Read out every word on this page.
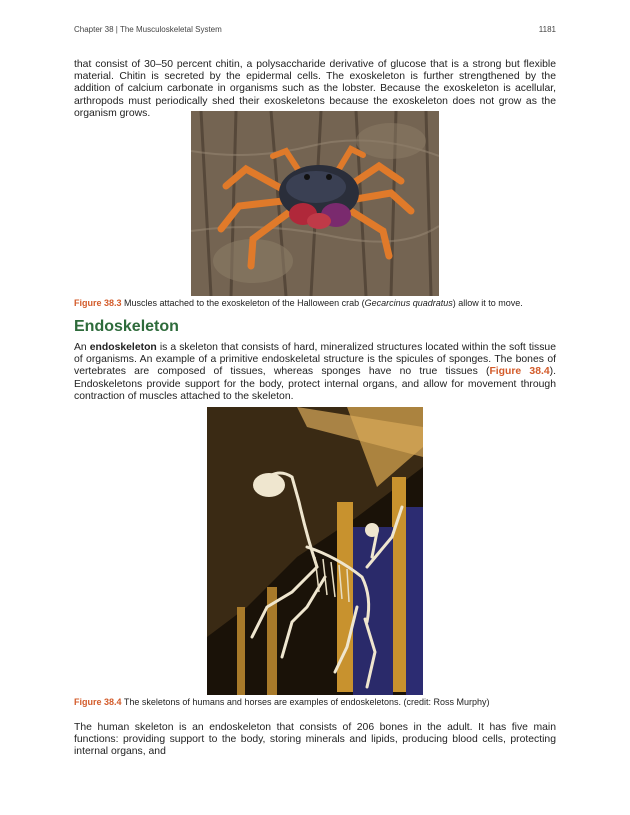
Chapter 38 | The Musculoskeletal System	1181
that consist of 30–50 percent chitin, a polysaccharide derivative of glucose that is a strong but flexible material. Chitin is secreted by the epidermal cells. The exoskeleton is further strengthened by the addition of calcium carbonate in organisms such as the lobster. Because the exoskeleton is acellular, arthropods must periodically shed their exoskeletons because the exoskeleton does not grow as the organism grows.
Figure 38.3 Muscles attached to the exoskeleton of the Halloween crab (Gecarcinus quadratus) allow it to move.
Endoskeleton
An endoskeleton is a skeleton that consists of hard, mineralized structures located within the soft tissue of organisms. An example of a primitive endoskeletal structure is the spicules of sponges. The bones of vertebrates are composed of tissues, whereas sponges have no true tissues (Figure 38.4). Endoskeletons provide support for the body, protect internal organs, and allow for movement through contraction of muscles attached to the skeleton.
Figure 38.4 The skeletons of humans and horses are examples of endoskeletons. (credit: Ross Murphy)
The human skeleton is an endoskeleton that consists of 206 bones in the adult. It has five main functions: providing support to the body, storing minerals and lipids, producing blood cells, protecting internal organs, and
